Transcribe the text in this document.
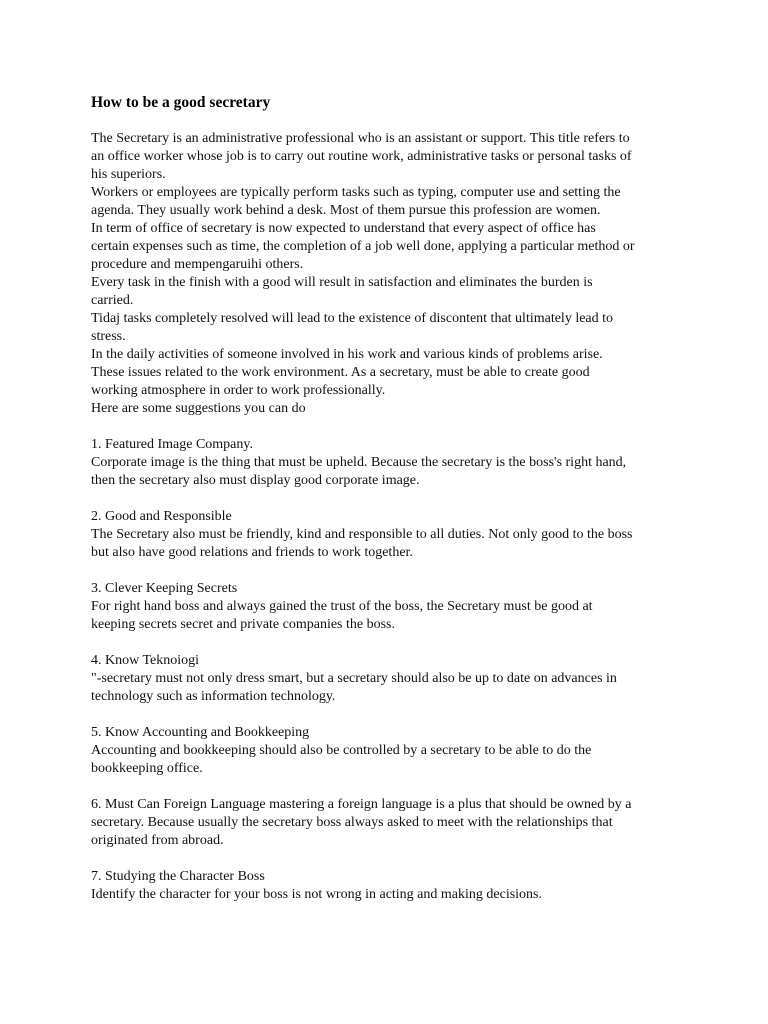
How to be a good secretary

The Secretary is an administrative professional who is an assistant or support. This title refers to
an office worker whose job is to carry out routine work, administrative tasks or personal tasks of
his superiors.

Workers or employees are typically perform tasks such as typing, computer use and setting the
agenda. They usually work behind a desk. Most of them pursue this profession are women.

In term of office of secretary is now expected to understand that every aspect of office has
certain expenses such as time, the completion of a job well done, applying a particular method or
procedure and mempengaruihi others.

Every task in the finish with a good will result in satisfaction and eliminates the burden is
carried.

Tidaj tasks completely resolved will lead to the existence of discontent that ultimately lead to
stress.

In the daily activities of someone involved in his work and various kinds of problems arise.
These issues related to the work environment. As a secretary, must be able to create good
working atmosphere in order to work professionally.

Here are some suggestions you can do

1. Featured Image Company.

Corporate image is the thing that must be upheld. Because the secretary is the boss's right hand,
then the secretary also must display good corporate image.

2. Good and Responsible

The Secretary also must be friendly, kind and responsible to all duties. Not only good to the boss
but also have good relations and friends to work together.

3. Clever Keeping Secrets

For right hand boss and always gained the trust of the boss, the Secretary must be good at
keeping secrets secret and private companies the boss.

4. Know Teknoiogi

"-secretary must not only dress smart, but a secretary should also be up to date on advances in
technology such as information technology.

5. Know Accounting and Bookkeeping

Accounting and bookkeeping should also be controlled by a secretary to be able to do the
bookkeeping office.

6. Must Can Foreign Language mastering a foreign language is a plus that should be owned by a

secretary. Because usually the secretary boss always asked to meet with the relationships that
originated from abroad.

7. Studying the Character Boss

Identify the character for your boss is not wrong in acting and making decisions.
